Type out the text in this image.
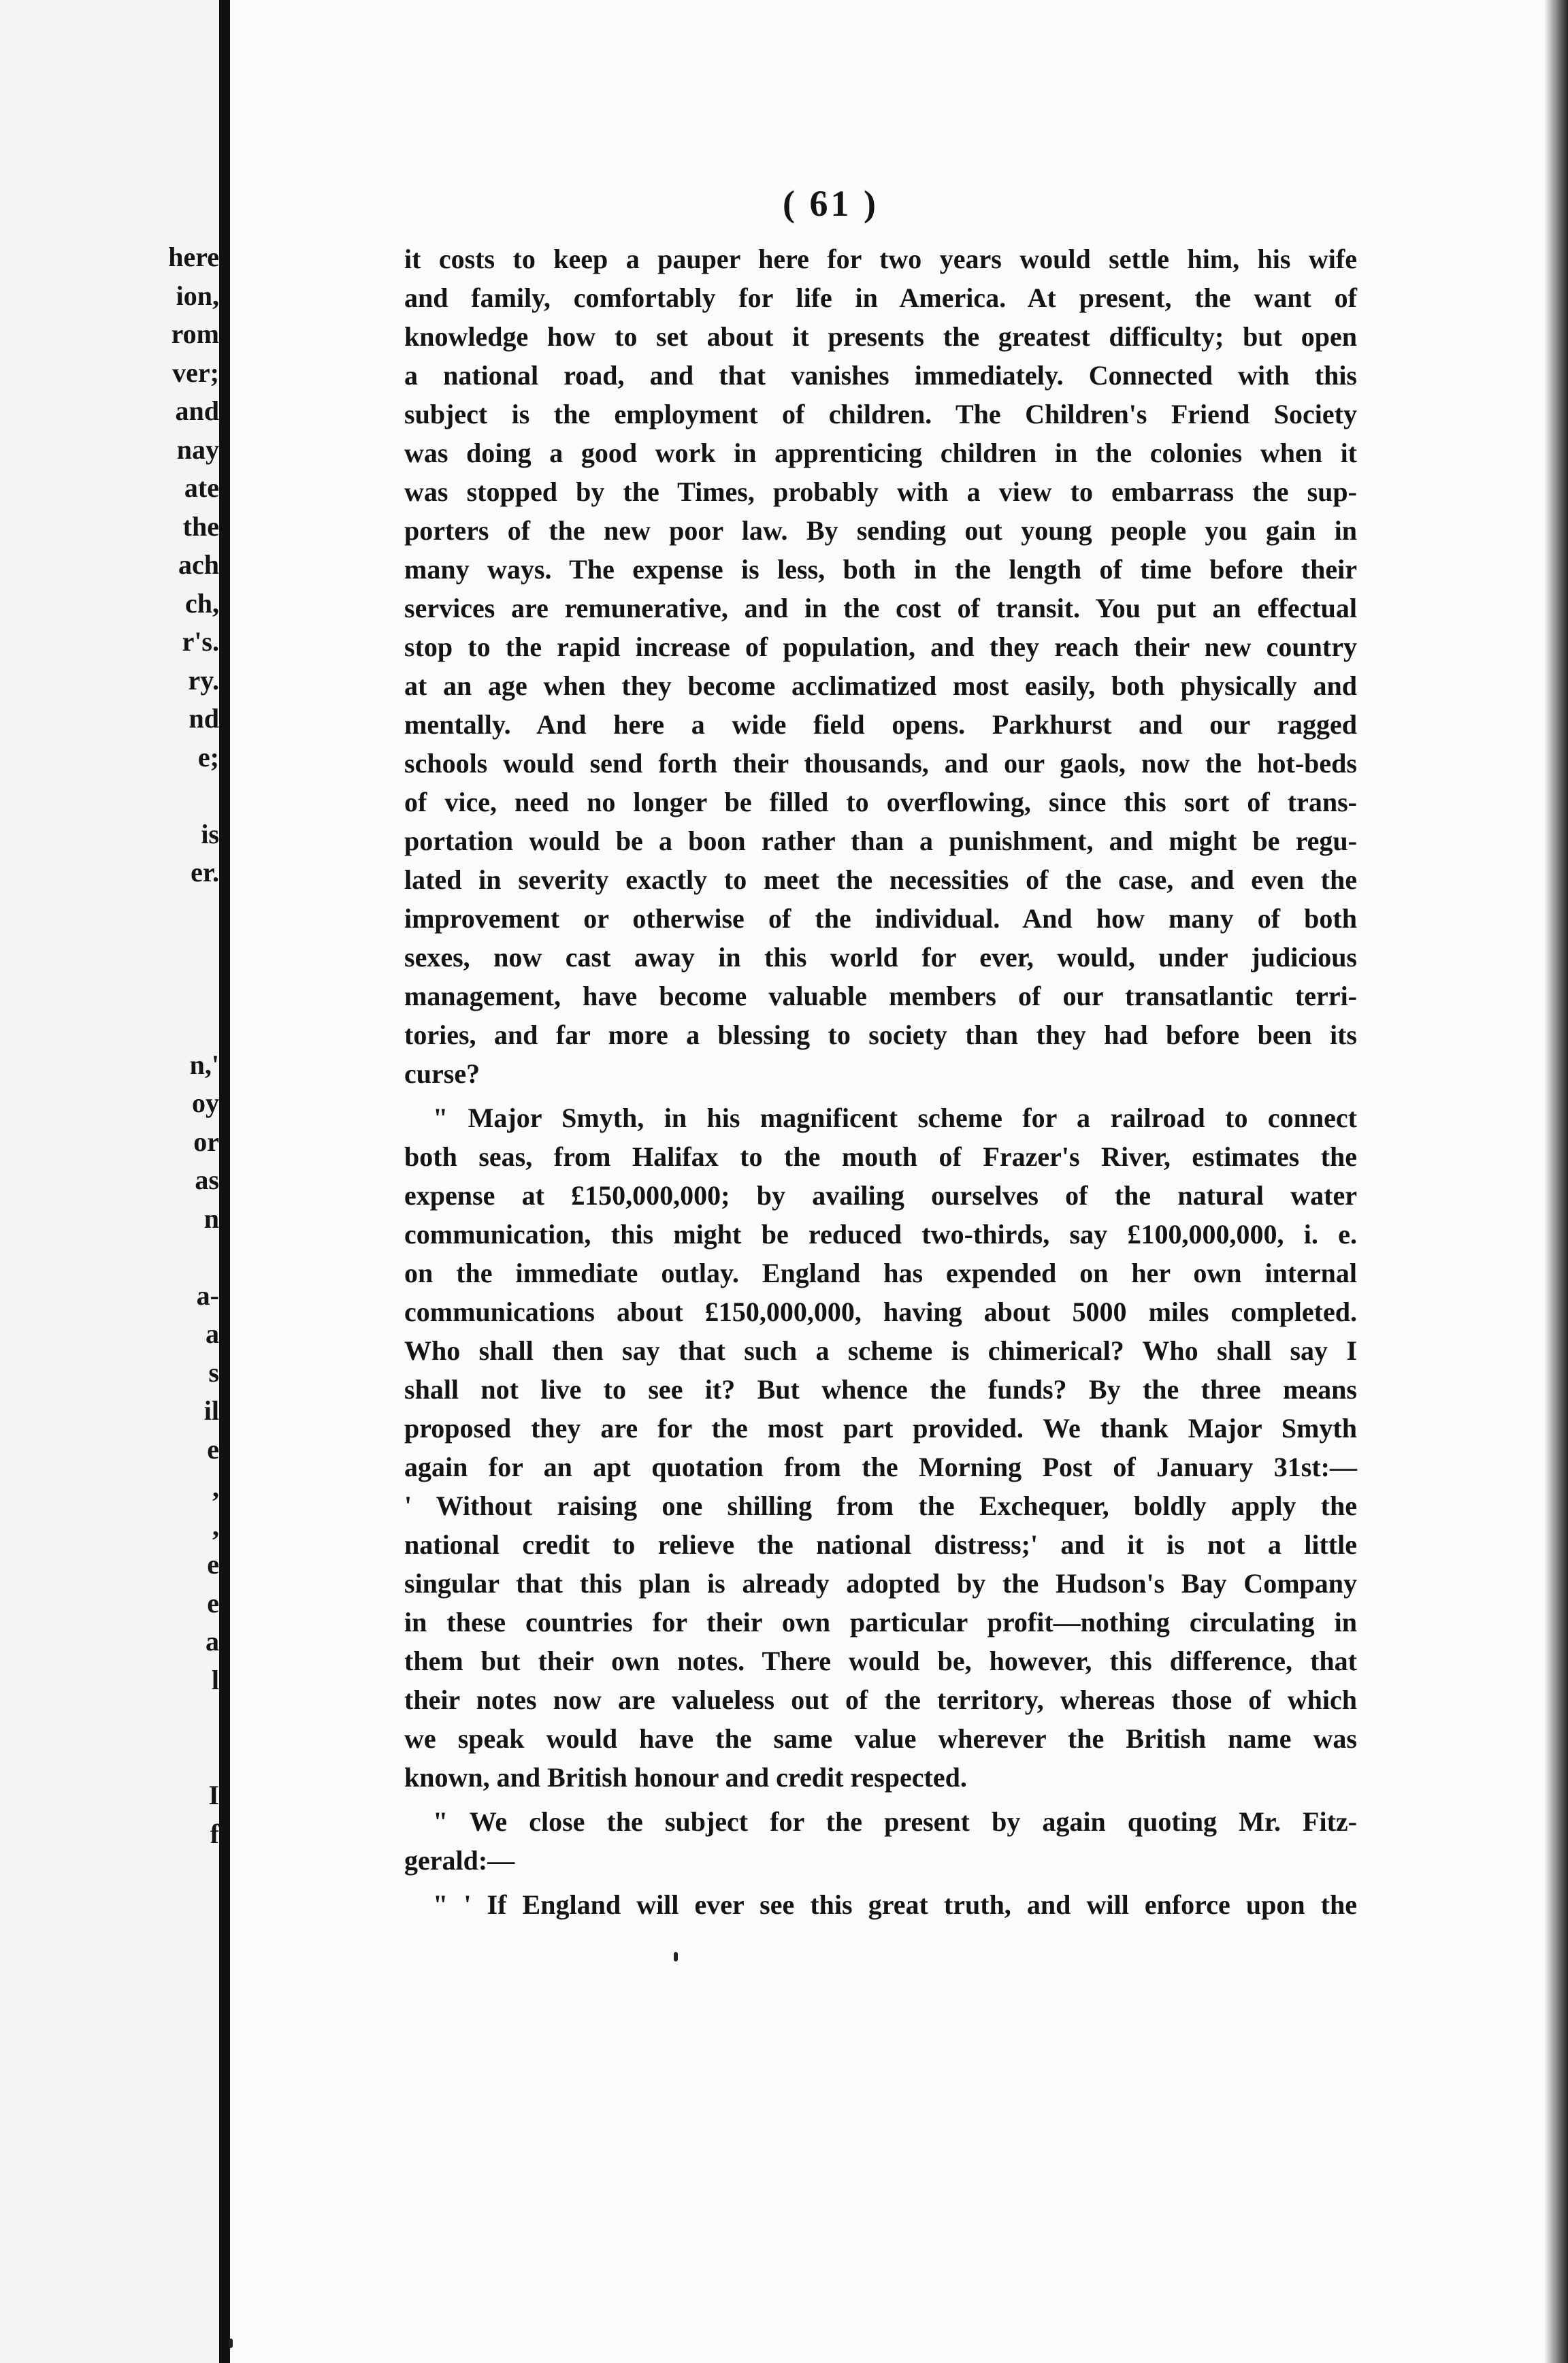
here
ion,
rom
ver;
and
nay
ate
the
ach
ch,
r's.
ry.
nd
e;
is
er.
n,'
oy
or
as
n
a-
a
s
il
e
,
,
e
e
a
l
I
f
( 61 )
it costs to keep a pauper here for two years would settle him, his wife
and family, comfortably for life in America. At present, the want of
knowledge how to set about it presents the greatest difficulty; but open
a national road, and that vanishes immediately. Connected with this
subject is the employment of children. The Children's Friend Society
was doing a good work in apprenticing children in the colonies when it
was stopped by the Times, probably with a view to embarrass the sup-
porters of the new poor law. By sending out young people you gain in
many ways. The expense is less, both in the length of time before their
services are remunerative, and in the cost of transit. You put an effectual
stop to the rapid increase of population, and they reach their new country
at an age when they become acclimatized most easily, both physically and
mentally. And here a wide field opens. Parkhurst and our ragged
schools would send forth their thousands, and our gaols, now the hot-beds
of vice, need no longer be filled to overflowing, since this sort of trans-
portation would be a boon rather than a punishment, and might be regu-
lated in severity exactly to meet the necessities of the case, and even the
improvement or otherwise of the individual. And how many of both
sexes, now cast away in this world for ever, would, under judicious
management, have become valuable members of our transatlantic terri-
tories, and far more a blessing to society than they had before been its
curse?
" Major Smyth, in his magnificent scheme for a railroad to connect
both seas, from Halifax to the mouth of Frazer's River, estimates the
expense at £150,000,000; by availing ourselves of the natural water
communication, this might be reduced two-thirds, say £100,000,000, i. e.
on the immediate outlay. England has expended on her own internal
communications about £150,000,000, having about 5000 miles completed.
Who shall then say that such a scheme is chimerical? Who shall say I
shall not live to see it? But whence the funds? By the three means
proposed they are for the most part provided. We thank Major Smyth
again for an apt quotation from the Morning Post of January 31st:—
' Without raising one shilling from the Exchequer, boldly apply the
national credit to relieve the national distress;' and it is not a little
singular that this plan is already adopted by the Hudson's Bay Company
in these countries for their own particular profit—nothing circulating in
them but their own notes. There would be, however, this difference, that
their notes now are valueless out of the territory, whereas those of which
we speak would have the same value wherever the British name was
known, and British honour and credit respected.
" We close the subject for the present by again quoting Mr. Fitz-
gerald:—
" ' If England will ever see this great truth, and will enforce upon the
